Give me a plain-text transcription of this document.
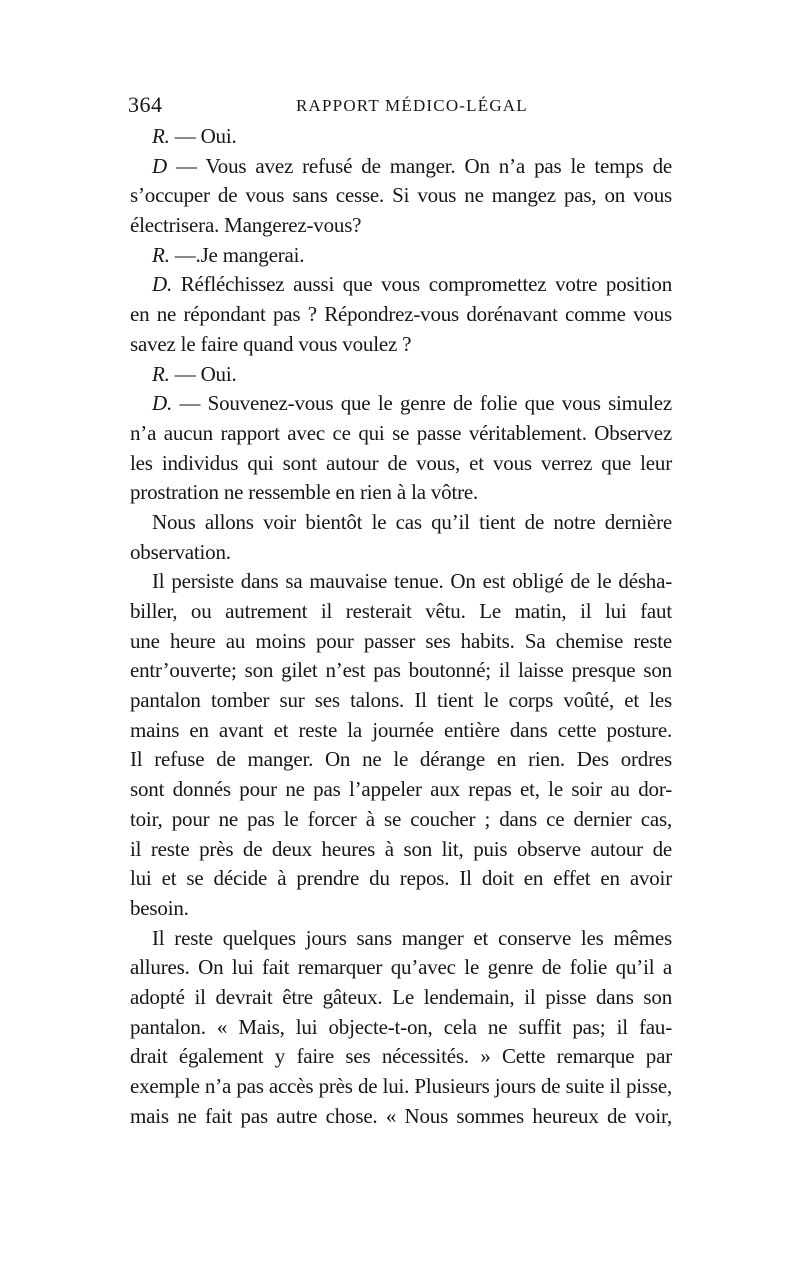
364	RAPPORT MÉDICO-LÉGAL
R. — Oui.
D — Vous avez refusé de manger. On n’a pas le temps de
s’occuper de vous sans cesse. Si vous ne mangez pas, on vous
électrisera. Mangerez-vous?
R. —.Je mangerai.
D. Réfléchissez aussi que vous compromettez votre position
en ne répondant pas ? Répondrez-vous dorénavant comme vous
savez le faire quand vous voulez ?
R. — Oui.
D. — Souvenez-vous que le genre de folie que vous simulez
n’a aucun rapport avec ce qui se passe véritablement. Observez
les individus qui sont autour de vous, et vous verrez que leur
prostration ne ressemble en rien à la vôtre.
Nous allons voir bientôt le cas qu’il tient de notre dernière
observation.
Il persiste dans sa mauvaise tenue. On est obligé de le désha-
biller, ou autrement il resterait vêtu. Le matin, il lui faut
une heure au moins pour passer ses habits. Sa chemise reste
entr’ouverte; son gilet n’est pas boutonné; il laisse presque son
pantalon tomber sur ses talons. Il tient le corps voûté, et les
mains en avant et reste la journée entière dans cette posture.
Il refuse de manger. On ne le dérange en rien. Des ordres
sont donnés pour ne pas l’appeler aux repas et, le soir au dor-
toir, pour ne pas le forcer à se coucher ; dans ce dernier cas,
il reste près de deux heures à son lit, puis observe autour de
lui et se décide à prendre du repos. Il doit en effet en avoir
besoin.
Il reste quelques jours sans manger et conserve les mêmes
allures. On lui fait remarquer qu’avec le genre de folie qu’il a
adopté il devrait être gâteux. Le lendemain, il pisse dans son
pantalon. « Mais, lui objecte-t-on, cela ne suffit pas; il fau-
drait également y faire ses nécessités. » Cette remarque par
exemple n’a pas accès près de lui. Plusieurs jours de suite il pisse,
mais ne fait pas autre chose. « Nous sommes heureux de voir,
